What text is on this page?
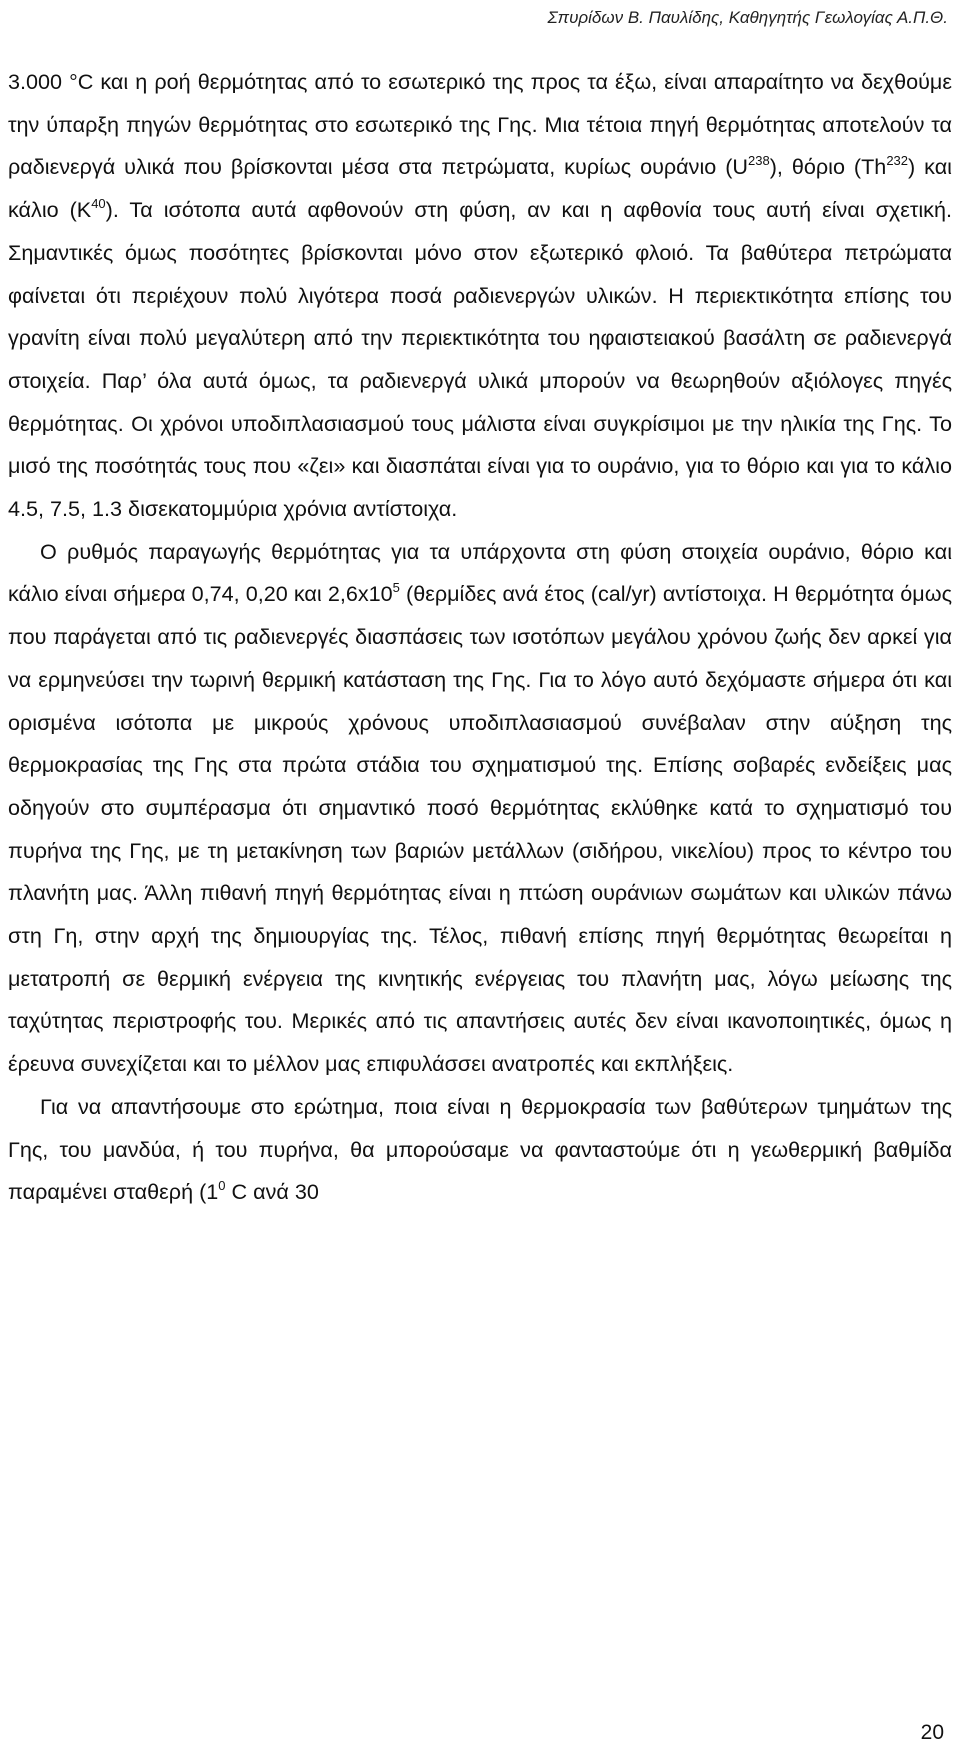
Σπυρίδων Β. Παυλίδης, Καθηγητής Γεωλογίας Α.Π.Θ.

3.000 °C και η ροή θερμότητας από το εσωτερικό της προς τα έξω, είναι απαραίτητο να δεχθούμε την ύπαρξη πηγών θερμότητας στο εσωτερικό της Γης. Μια τέτοια πηγή θερμότητας αποτελούν τα ραδιενεργά υλικά που βρίσκονται μέσα στα πετρώματα, κυρίως ουράνιο $(U^{238})$, θόριο (Th$^{232}$) και κάλιο $(K^{40})$. Τα ισότοπα αυτά αφθονούν στη φύση, αν και η αφθονία τους αυτή είναι σχετική. Σημαντικές όμως ποσότητες βρίσκονται μόνο στον εξωτερικό φλοιό. Τα βαθύτερα πετρώματα φαίνεται ότι περιέχουν πολύ λιγότερα ποσά ραδιενεργών υλικών. Η περιεκτικότητα επίσης του γρανίτη είναι πολύ μεγαλύτερη από την περιεκτικότητα του ηφαιστειακού βασάλτη σε ραδιενεργά στοιχεία. Παρ’ όλα αυτά όμως, τα ραδιενεργά υλικά μπορούν να θεωρηθούν αξιόλογες πηγές θερμότητας. Οι χρόνοι υποδιπλασιασμού τους μάλιστα είναι συγκρίσιμοι με την ηλικία της Γης. Το μισό της ποσότητάς τους που «ζει» και διασπάται είναι για το ουράνιο, για το θόριο και για το κάλιο 4.5, 7.5, 1.3 δισεκατομμύρια χρόνια αντίστοιχα.

Ο ρυθμός παραγωγής θερμότητας για τα υπάρχοντα στη φύση στοιχεία ουράνιο, θόριο και κάλιο είναι σήμερα 0,74, 0,20 και $2,6x10^5$ (θερμίδες ανά έτος (cal/yr) αντίστοιχα. Η θερμότητα όμως που παράγεται από τις ραδιενεργές διασπάσεις των ισοτόπων μεγάλου χρόνου ζωής δεν αρκεί για να ερμηνεύσει την τωρινή θερμική κατάσταση της Γης. Για το λόγο αυτό δεχόμαστε σήμερα ότι και ορισμένα ισότοπα με μικρούς χρόνους υποδιπλασιασμού συνέβαλαν στην αύξηση της θερμοκρασίας της Γης στα πρώτα στάδια του σχηματισμού της. Επίσης σοβαρές ενδείξεις μας οδηγούν στο συμπέρασμα ότι σημαντικό ποσό θερμότητας εκλύθηκε κατά το σχηματισμό του πυρήνα της Γης, με τη μετακίνηση των βαριών μετάλλων (σιδήρου, νικελίου) προς το κέντρο του πλανήτη μας. Άλλη πιθανή πηγή θερμότητας είναι η πτώση ουράνιων σωμάτων και υλικών πάνω στη Γη, στην αρχή της δημιουργίας της. Τέλος, πιθανή επίσης πηγή θερμότητας θεωρείται η μετατροπή σε θερμική ενέργεια της κινητικής ενέργειας του πλανήτη μας, λόγω μείωσης της ταχύτητας περιστροφής του. Μερικές από τις απαντήσεις αυτές δεν είναι ικανοποιητικές, όμως η έρευνα συνεχίζεται και το μέλλον μας επιφυλάσσει ανατροπές και εκπλήξεις.

Για να απαντήσουμε στο ερώτημα, ποια είναι η θερμοκρασία των βαθύτερων τμημάτων της Γης, του μανδύα, ή του πυρήνα, θα μπορούσαμε να φανταστούμε ότι η γεωθερμική βαθμίδα παραμένει σταθερή ($1^0$ C ανά 30

20
